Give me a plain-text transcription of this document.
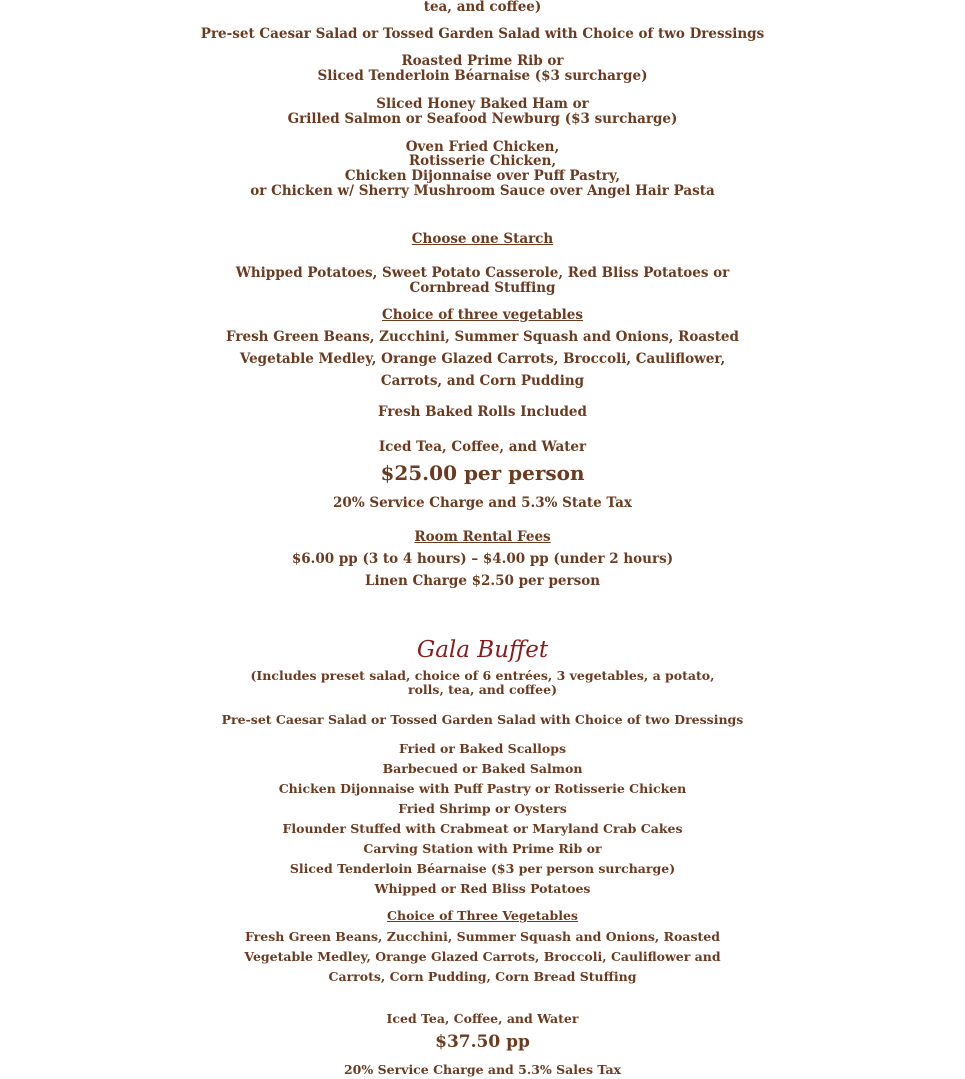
tea, and coffee)
Pre-set Caesar Salad or Tossed Garden Salad with Choice of two Dressings
Roasted Prime Rib or
Sliced Tenderloin Béarnaise ($3 surcharge)
Sliced Honey Baked Ham or
Grilled Salmon or Seafood Newburg ($3 surcharge)
Oven Fried Chicken,
Rotisserie Chicken,
Chicken Dijonnaise over Puff Pastry,
or Chicken w/ Sherry Mushroom Sauce over Angel Hair Pasta
Choose one Starch
Whipped Potatoes, Sweet Potato Casserole, Red Bliss Potatoes or
Cornbread Stuffing
Choice of three vegetables
Fresh Green Beans, Zucchini, Summer Squash and Onions, Roasted
Vegetable Medley, Orange Glazed Carrots, Broccoli, Cauliflower,
Carrots, and Corn Pudding
Fresh Baked Rolls Included
Iced Tea, Coffee, and Water
$25.00 per person
20% Service Charge and 5.3% State Tax
Room Rental Fees
$6.00 pp (3 to 4 hours) – $4.00 pp (under 2 hours)
Linen Charge $2.50 per person
Gala Buffet
(Includes preset salad, choice of 6 entrées, 3 vegetables, a potato,
rolls, tea, and coffee)
Pre-set Caesar Salad or Tossed Garden Salad with Choice of two Dressings
Fried or Baked Scallops
Barbecued or Baked Salmon
Chicken Dijonnaise with Puff Pastry or Rotisserie Chicken
Fried Shrimp or Oysters
Flounder Stuffed with Crabmeat or Maryland Crab Cakes
Carving Station with Prime Rib or
Sliced Tenderloin Béarnaise ($3 per person surcharge)
Whipped or Red Bliss Potatoes
Choice of Three Vegetables
Fresh Green Beans, Zucchini, Summer Squash and Onions, Roasted
Vegetable Medley, Orange Glazed Carrots, Broccoli, Cauliflower and
Carrots, Corn Pudding, Corn Bread Stuffing
Iced Tea, Coffee, and Water
$37.50 pp
20% Service Charge and 5.3% Sales Tax
